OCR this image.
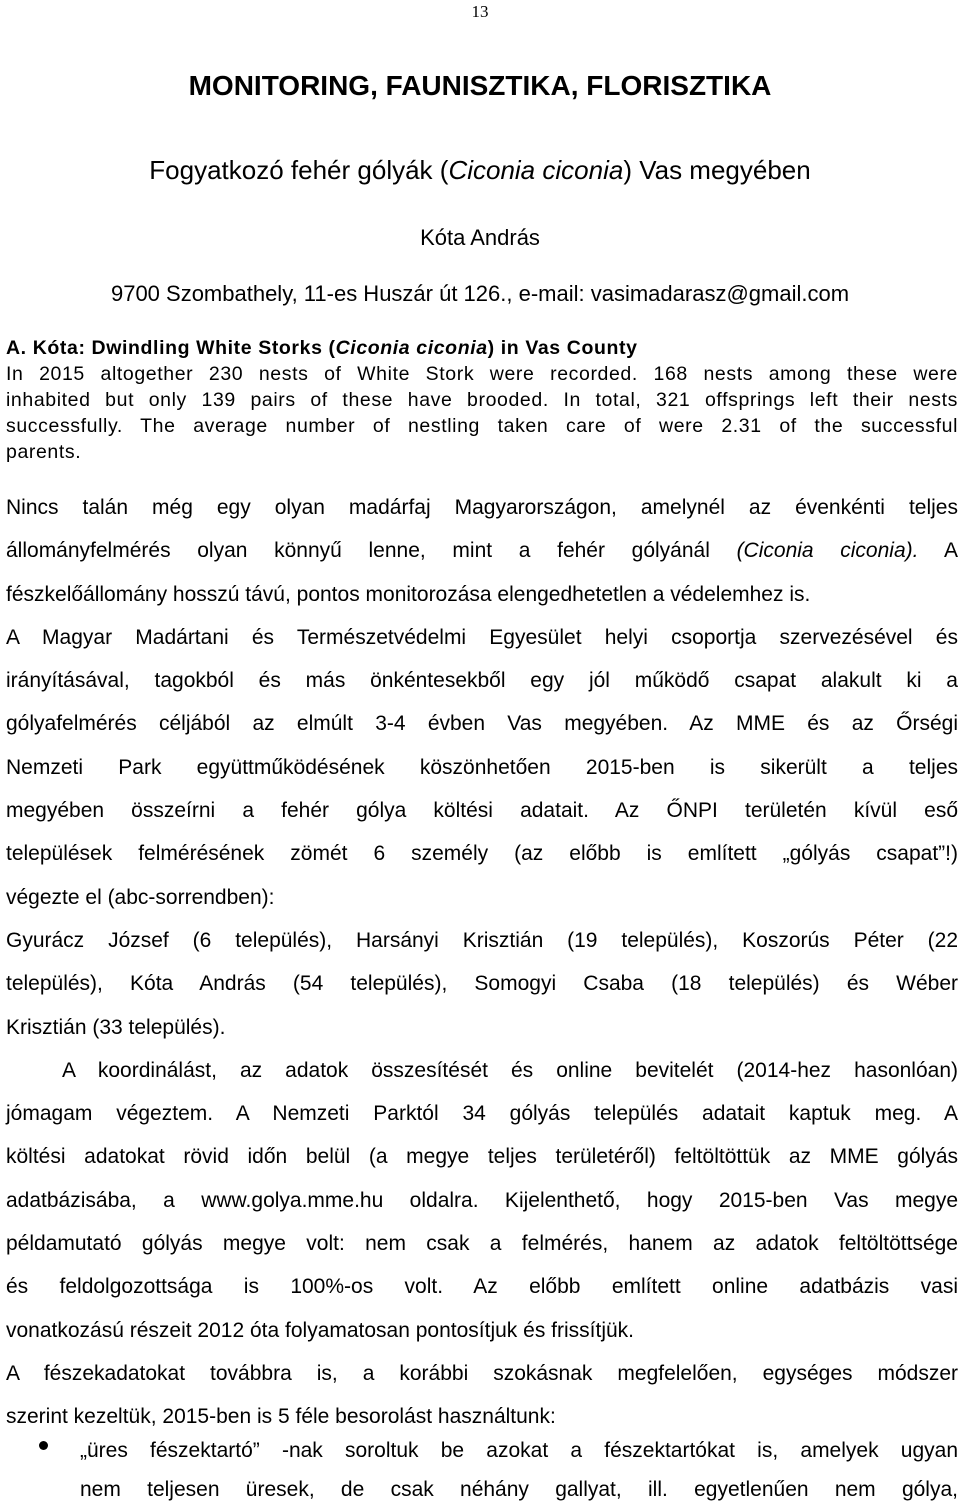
13
MONITORING, FAUNISZTIKA, FLORISZTIKA
Fogyatkozó fehér gólyák (Ciconia ciconia) Vas megyében
Kóta András
9700 Szombathely, 11-es Huszár út 126., e-mail: vasimadarasz@gmail.com
A. Kóta: Dwindling White Storks (Ciconia ciconia) in Vas County
In 2015 altogether 230 nests of White Stork were recorded. 168 nests among these were
inhabited but only 139 pairs of these have brooded. In total, 321 offsprings left their nests
successfully. The average number of nestling taken care of were 2.31 of the successful
parents.
Nincs talán még egy olyan madárfaj Magyarországon, amelynél az évenkénti teljes
állományfelmérés olyan könnyű lenne, mint a fehér gólyánál (Ciconia ciconia). A
fészkelőállomány hosszú távú, pontos monitorozása elengedhetetlen a védelemhez is.
A Magyar Madártani és Természetvédelmi Egyesület helyi csoportja szervezésével és
irányításával, tagokból és más önkéntesekből egy jól működő csapat alakult ki a
gólyafelmérés céljából az elmúlt 3-4 évben Vas megyében. Az MME és az Őrségi
Nemzeti Park együttműködésének köszönhetően 2015-ben is sikerült a teljes
megyében összeírni a fehér gólya költési adatait. Az ŐNPI területén kívül eső
települések felmérésének zömét 6 személy (az előbb is említett „gólyás csapat”!)
végezte el (abc-sorrendben):
Gyurácz József (6 település), Harsányi Krisztián (19 település), Koszorús Péter (22
település), Kóta András (54 település), Somogyi Csaba (18 település) és Wéber
Krisztián (33 település).
A koordinálást, az adatok összesítését és online bevitelét (2014-hez hasonlóan)
jómagam végeztem. A Nemzeti Parktól 34 gólyás település adatait kaptuk meg. A
költési adatokat rövid időn belül (a megye teljes területéről) feltöltöttük az MME gólyás
adatbázisába, a www.golya.mme.hu oldalra. Kijelenthető, hogy 2015-ben Vas megye
példamutató gólyás megye volt: nem csak a felmérés, hanem az adatok feltöltöttsége
és feldolgozottsága is 100%-os volt. Az előbb említett online adatbázis vasi
vonatkozású részeit 2012 óta folyamatosan pontosítjuk és frissítjük.
A fészekadatokat továbbra is, a korábbi szokásnak megfelelően, egységes módszer
szerint kezeltük, 2015-ben is 5 féle besorolást használtunk:
„üres fészektartó” -nak soroltuk be azokat a fészektartókat is, amelyek ugyan
nem teljesen üresek, de csak néhány gallyat, ill. egyetlenűen nem gólya,
